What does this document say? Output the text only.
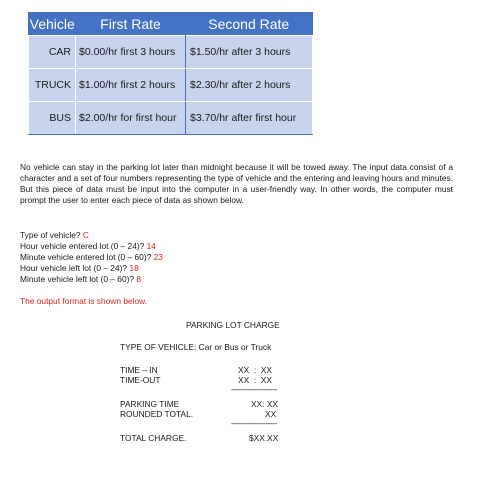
Vehicle	First Rate	Second Rate
CAR	$0.00/hr first 3 hours	$1.50/hr after 3 hours
TRUCK	$1.00/hr first 2 hours	$2.30/hr after 2 hours
BUS	$2.00/hr for first hour	$3.70/hr after first hour

No vehicle can stay in the parking lot later than midnight because it will be towed away. The input data consist of a character and a set of four numbers representing the type of vehicle and the entering and leaving hours and minutes. But this piece of data must be input into the computer in a user-friendly way. In other words, the computer must prompt the user to enter each piece of data as shown below.

Type of vehicle? C
Hour vehicle entered lot (0 – 24)? 14
Minute vehicle entered lot (0 – 60)? 23
Hour vehicle left lot (0 – 24)? 18
Minute vehicle left lot (0 – 60)? 8
The output format is shown below.
PARKING LOT CHARGE
TYPE OF VEHICLE: Car or Bus or Truck
TIME – IN	XX  :  XX
TIME-OUT	XX  :  XX
--------------------
PARKING TIME	XX: XX
ROUNDED TOTAL.	XX
--------------------
TOTAL CHARGE.	$XX.XX
